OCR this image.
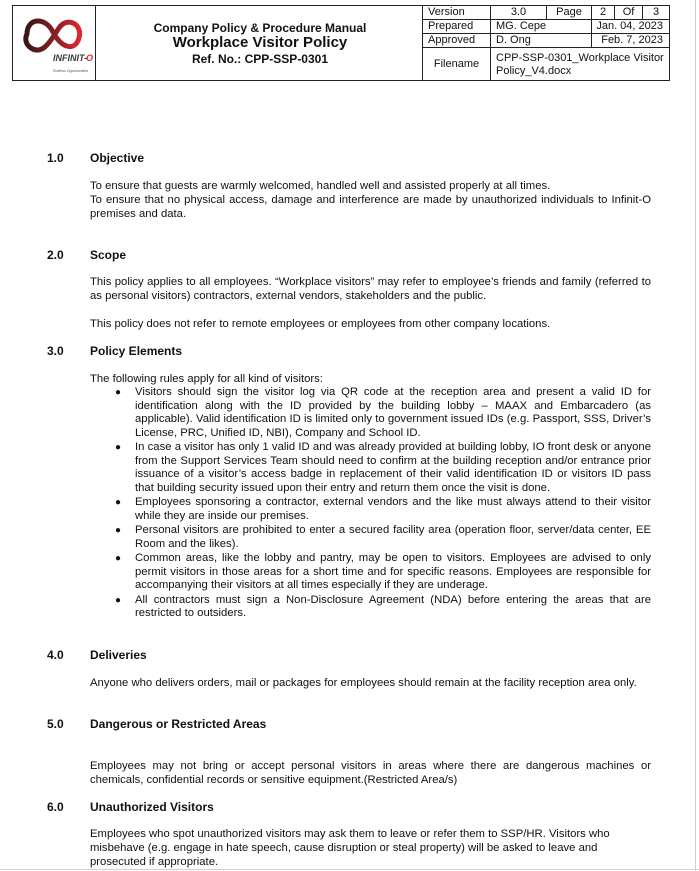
INFINIT- O
Endless Opportunities
Company Policy & Procedure Manual
Workplace Visitor Policy
Ref. No.: CPP-SSP-0301
Version	3.0	Page	2	Of	3
Prepared	MG. Cepe	Jan. 04, 2023
Approved	D. Ong	Feb. 7, 2023
Filename	CPP-SSP-0301_Workplace Visitor
Policy_V4.docx
1.0 Objective
To ensure that guests are warmly welcomed, handled well and assisted properly at all times.
To ensure that no physical access, damage and interference are made by unauthorized individuals to Infinit-O premises and data.
2.0 Scope
This policy applies to all employees. “Workplace visitors” may refer to employee’s friends and family (referred to as personal visitors) contractors, external vendors, stakeholders and the public.
This policy does not refer to remote employees or employees from other company locations.
3.0 Policy Elements
The following rules apply for all kind of visitors:
● Visitors should sign the visitor log via QR code at the reception area and present a valid ID for identification along with the ID provided by the building lobby – MAAX and Embarcadero (as applicable). Valid identification ID is limited only to government issued IDs (e.g. Passport, SSS, Driver’s License, PRC, Unified ID, NBI), Company and School ID.
● In case a visitor has only 1 valid ID and was already provided at building lobby, IO front desk or anyone from the Support Services Team should need to confirm at the building reception and/or entrance prior issuance of a visitor’s access badge in replacement of their valid identification ID or visitors ID pass that building security issued upon their entry and return them once the visit is done.
● Employees sponsoring a contractor, external vendors and the like must always attend to their visitor while they are inside our premises.
● Personal visitors are prohibited to enter a secured facility area (operation floor, server/data center, EE Room and the likes).
● Common areas, like the lobby and pantry, may be open to visitors. Employees are advised to only permit visitors in those areas for a short time and for specific reasons. Employees are responsible for accompanying their visitors at all times especially if they are underage.
● All contractors must sign a Non-Disclosure Agreement (NDA) before entering the areas that are restricted to outsiders.
4.0 Deliveries
Anyone who delivers orders, mail or packages for employees should remain at the facility reception area only.
5.0 Dangerous or Restricted Areas
Employees may not bring or accept personal visitors in areas where there are dangerous machines or chemicals, confidential records or sensitive equipment.(Restricted Area/s)
6.0 Unauthorized Visitors
Employees who spot unauthorized visitors may ask them to leave or refer them to SSP/HR. Visitors who misbehave (e.g. engage in hate speech, cause disruption or steal property) will be asked to leave and prosecuted if appropriate.
